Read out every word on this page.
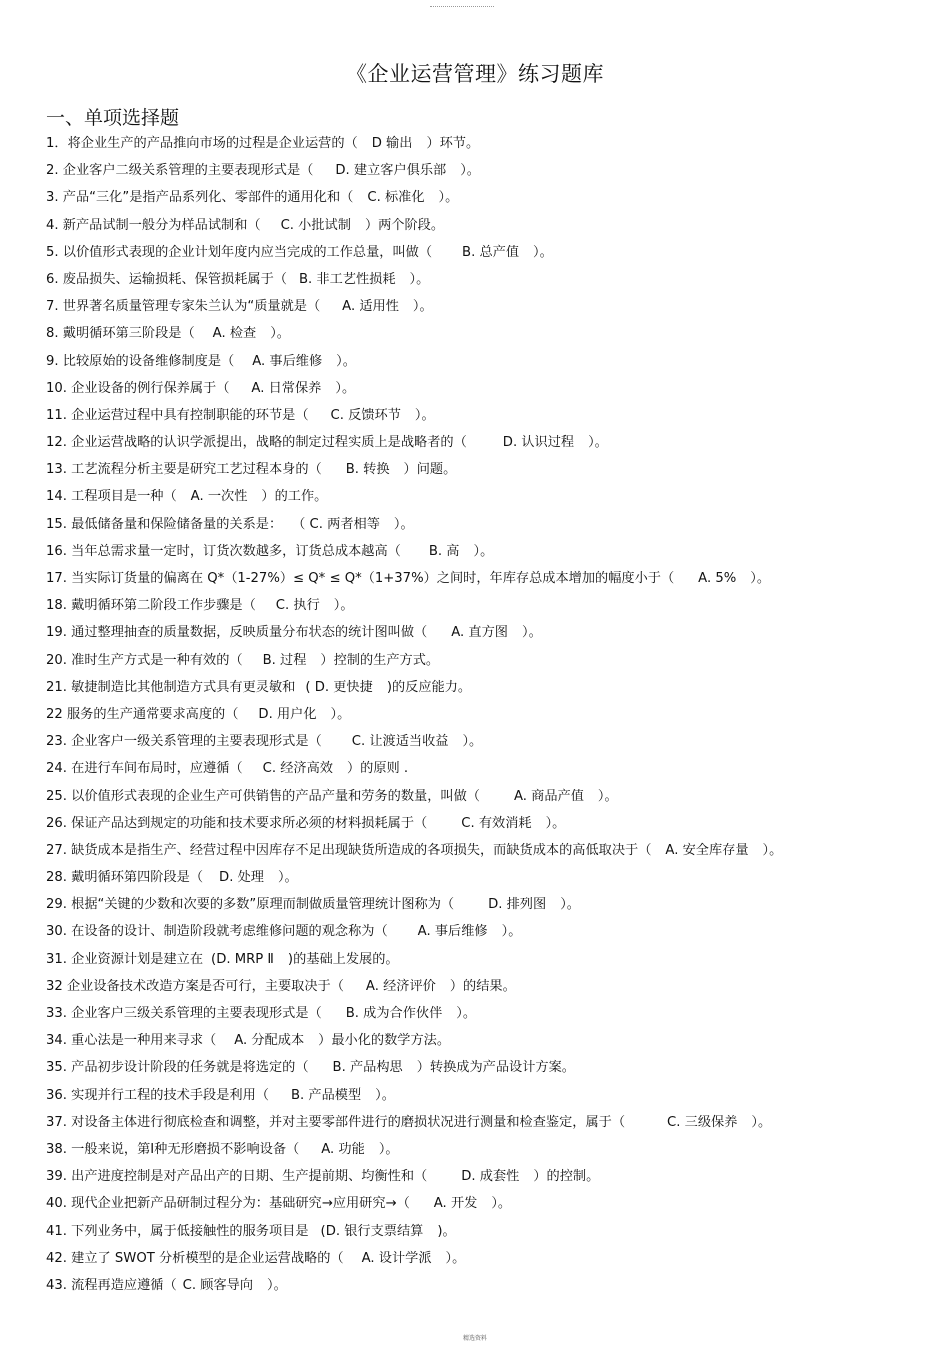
《企业运营管理》练习题库
一、单项选择题
1．将企业生产的产品推向市场的过程是企业运营的（ D 输出 ）环节。
2. 企业客户二级关系管理的主要表现形式是（ D. 建立客户俱乐部 ）。
3. 产品“三化”是指产品系列化、零部件的通用化和（ C. 标准化 ）。
4. 新产品试制一般分为样品试制和（ C. 小批试制 ）两个阶段。
5. 以价值形式表现的企业计划年度内应当完成的工作总量，叫做（ B. 总产值 ）。
6. 废品损失、运输损耗、保管损耗属于（ B. 非工艺性损耗 ）。
7. 世界著名质量管理专家朱兰认为“质量就是（ A. 适用性 ）。
8. 戴明循环第三阶段是（ A. 检查 ）。
9. 比较原始的设备维修制度是（ A. 事后维修 ）。
10. 企业设备的例行保养属于（ A. 日常保养 ）。
11. 企业运营过程中具有控制职能的环节是（ C. 反馈环节 ）。
12. 企业运营战略的认识学派提出，战略的制定过程实质上是战略者的（	D. 认识过程 ）。
13. 工艺流程分析主要是研究工艺过程本身的（ B. 转换 ）问题。
14. 工程项目是一种（ A. 一次性 ）的工作。
15. 最低储备量和保险储备量的关系是： （ C. 两者相等 ）。
16. 当年总需求量一定时，订货次数越多，订货总成本越高（ B. 高 ）。
17. 当实际订货量的偏离在 Q*（1-27%）≤ Q* ≤ Q*（1+37%）之间时，年库存总成本增加的幅度小于（ A. 5% ）。
18. 戴明循环第二阶段工作步骤是（ C. 执行 ）。
19. 通过整理抽查的质量数据，反映质量分布状态的统计图叫做（ A. 直方图 ）。
20. 准时生产方式是一种有效的（ B. 过程 ）控制的生产方式。
21. 敏捷制造比其他制造方式具有更灵敏和 ( D. 更快捷 )的反应能力。
22 服务的生产通常要求高度的（ D. 用户化 ）。
23. 企业客户一级关系管理的主要表现形式是（ C. 让渡适当收益 ）。
24. 在进行车间布局时，应遵循（ C. 经济高效 ）的原则 .
25. 以价值形式表现的企业生产可供销售的产品产量和劳务的数量，叫做（	A. 商品产值 ）。
26. 保证产品达到规定的功能和技术要求所必须的材料损耗属于（	C. 有效消耗 ）。
27. 缺货成本是指生产、经营过程中因库存不足出现缺货所造成的各项损失，而缺货成本的高低取决于（ A. 安全库存量 ）。
28. 戴明循环第四阶段是（ D. 处理 ）。
29. 根据“关键的少数和次要的多数”原理而制做质量管理统计图称为（	D. 排列图 ）。
30. 在设备的设计、制造阶段就考虑维修问题的观念称为（ A. 事后维修 ）。
31. 企业资源计划是建立在 (D. MRP Ⅱ )的基础上发展的。
32 企业设备技术改造方案是否可行，主要取决于（ A. 经济评价 ）的结果。
33. 企业客户三级关系管理的主要表现形式是（ B. 成为合作伙伴 ）。
34. 重心法是一种用来寻求（ A. 分配成本 ）最小化的数学方法。
35. 产品初步设计阶段的任务就是将选定的（ B. 产品构思 ）转换成为产品设计方案。
36. 实现并行工程的技术手段是利用（ B. 产品模型 ）。
37. 对设备主体进行彻底检查和调整，并对主要零部件进行的磨损状况进行测量和检查鉴定，属于（	C. 三级保养 ）。
38. 一般来说，第Ⅰ种无形磨损不影响设备（ A. 功能 ）。
39. 出产进度控制是对产品出产的日期、生产提前期、均衡性和（	D. 成套性 ）的控制。
40. 现代企业把新产品研制过程分为：基础研究→应用研究→（ A. 开发 ）。
41. 下列业务中，属于低接触性的服务项目是 (D. 银行支票结算 )。
42. 建立了 SWOT 分析模型的是企业运营战略的（ A. 设计学派 ）。
43. 流程再造应遵循（ C. 顾客导向 ）。
精选资料
